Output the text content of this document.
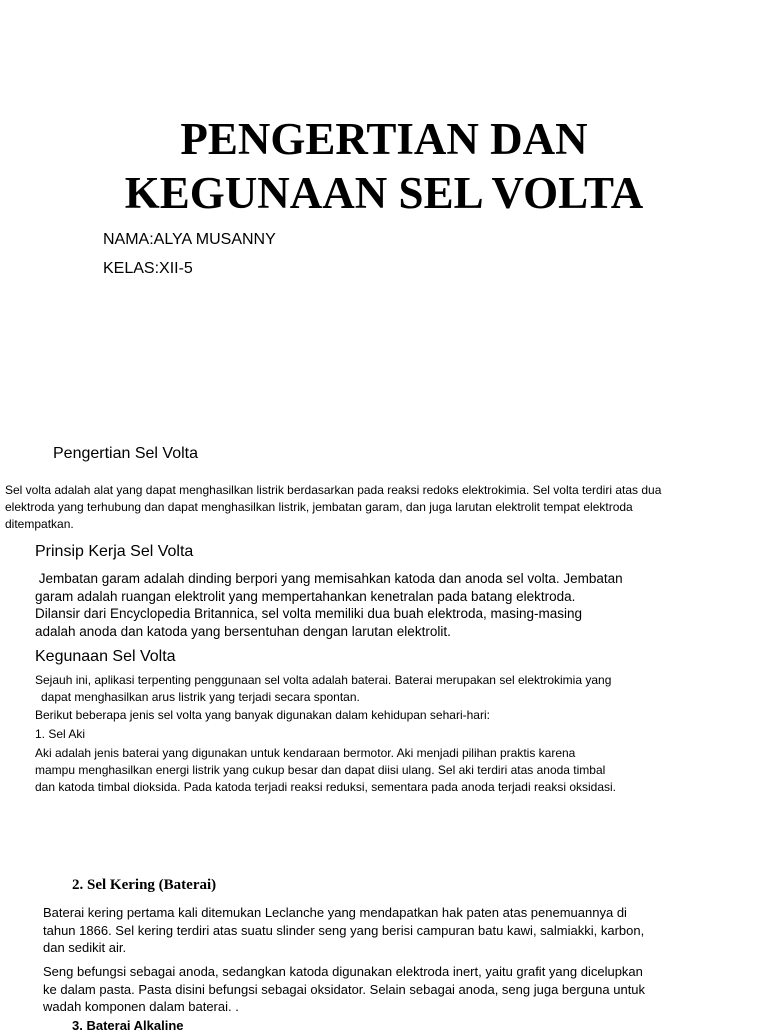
PENGERTIAN DAN
KEGUNAAN SEL VOLTA
NAMA:ALYA MUSANNY
KELAS:XII-5
Pengertian Sel Volta
Sel volta adalah alat yang dapat menghasilkan listrik berdasarkan pada reaksi redoks elektrokimia. Sel volta terdiri atas dua
elektroda yang terhubung dan dapat menghasilkan listrik, jembatan garam, dan juga larutan elektrolit tempat elektroda
ditempatkan.
Prinsip Kerja Sel Volta
Jembatan garam adalah dinding berpori yang memisahkan katoda dan anoda sel volta. Jembatan
garam adalah ruangan elektrolit yang mempertahankan kenetralan pada batang elektroda.
Dilansir dari Encyclopedia Britannica, sel volta memiliki dua buah elektroda, masing-masing
adalah anoda dan katoda yang bersentuhan dengan larutan elektrolit.
Kegunaan Sel Volta
Sejauh ini, aplikasi terpenting penggunaan sel volta adalah baterai. Baterai merupakan sel elektrokimia yang
dapat menghasilkan arus listrik yang terjadi secara spontan.
Berikut beberapa jenis sel volta yang banyak digunakan dalam kehidupan sehari-hari:
1. Sel Aki
Aki adalah jenis baterai yang digunakan untuk kendaraan bermotor. Aki menjadi pilihan praktis karena
mampu menghasilkan energi listrik yang cukup besar dan dapat diisi ulang. Sel aki terdiri atas anoda timbal
dan katoda timbal dioksida. Pada katoda terjadi reaksi reduksi, sementara pada anoda terjadi reaksi oksidasi.
2. Sel Kering (Baterai)
Baterai kering pertama kali ditemukan Leclanche yang mendapatkan hak paten atas penemuannya di
tahun 1866. Sel kering terdiri atas suatu slinder seng yang berisi campuran batu kawi, salmiakki, karbon,
dan sedikit air.
Seng befungsi sebagai anoda, sedangkan katoda digunakan elektroda inert, yaitu grafit yang dicelupkan
ke dalam pasta. Pasta disini befungsi sebagai oksidator. Selain sebagai anoda, seng juga berguna untuk
wadah komponen dalam baterai. .
3. Baterai Alkaline
